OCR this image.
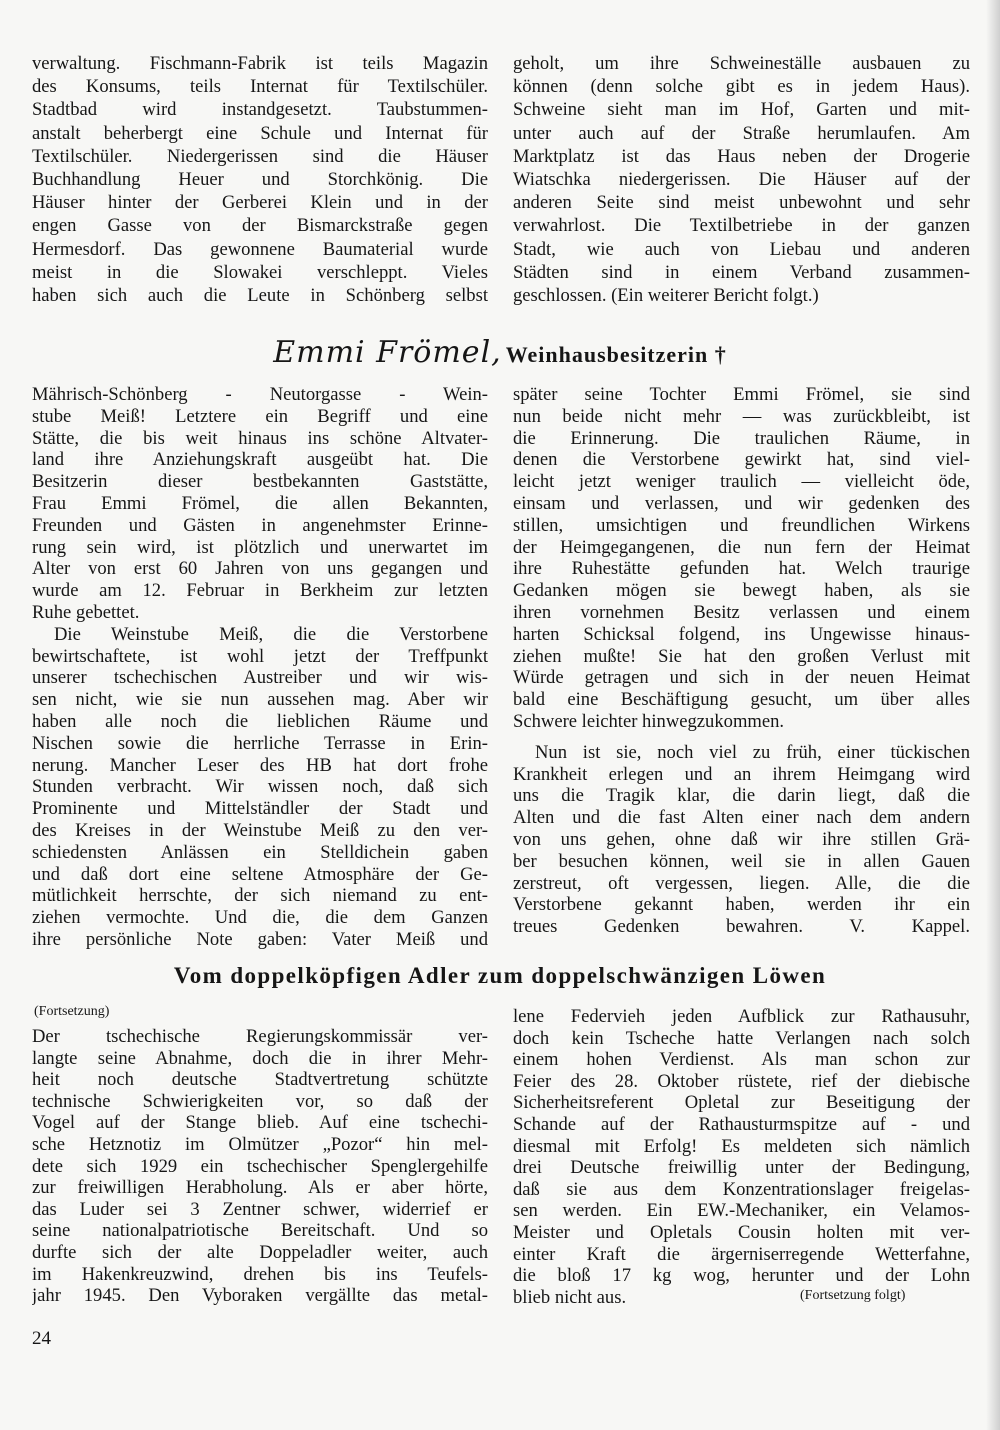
verwaltung. Fischmann-Fabrik ist teils Magazin
des Konsums, teils Internat für Textilschüler.
Stadtbad wird instandgesetzt. Taubstummen-
anstalt beherbergt eine Schule und Internat für
Textilschüler. Niedergerissen sind die Häuser
Buchhandlung Heuer und Storchkönig. Die
Häuser hinter der Gerberei Klein und in der
engen Gasse von der Bismarckstraße gegen
Hermesdorf. Das gewonnene Baumaterial wurde
meist in die Slowakei verschleppt. Vieles
haben sich auch die Leute in Schönberg selbst
geholt, um ihre Schweineställe ausbauen zu
können (denn solche gibt es in jedem Haus).
Schweine sieht man im Hof, Garten und mit-
unter auch auf der Straße herumlaufen. Am
Marktplatz ist das Haus neben der Drogerie
Wiatschka niedergerissen. Die Häuser auf der
anderen Seite sind meist unbewohnt und sehr
verwahrlost. Die Textilbetriebe in der ganzen
Stadt, wie auch von Liebau und anderen
Städten sind in einem Verband zusammen-
geschlossen. (Ein weiterer Bericht folgt.)
Emmi Frömel, Weinhausbesitzerin †
Mährisch-Schönberg - Neutorgasse - Wein-
stube Meiß! Letztere ein Begriff und eine
Stätte, die bis weit hinaus ins schöne Altvater-
land ihre Anziehungskraft ausgeübt hat. Die
Besitzerin dieser bestbekannten Gaststätte,
Frau Emmi Frömel, die allen Bekannten,
Freunden und Gästen in angenehmster Erinne-
rung sein wird, ist plötzlich und unerwartet im
Alter von erst 60 Jahren von uns gegangen und
wurde am 12. Februar in Berkheim zur letzten
Ruhe gebettet.
Die Weinstube Meiß, die die Verstorbene
bewirtschaftete, ist wohl jetzt der Treffpunkt
unserer tschechischen Austreiber und wir wis-
sen nicht, wie sie nun aussehen mag. Aber wir
haben alle noch die lieblichen Räume und
Nischen sowie die herrliche Terrasse in Erin-
nerung. Mancher Leser des HB hat dort frohe
Stunden verbracht. Wir wissen noch, daß sich
Prominente und Mittelständler der Stadt und
des Kreises in der Weinstube Meiß zu den ver-
schiedensten Anlässen ein Stelldichein gaben
und daß dort eine seltene Atmosphäre der Ge-
mütlichkeit herrschte, der sich niemand zu ent-
ziehen vermochte. Und die, die dem Ganzen
ihre persönliche Note gaben: Vater Meiß und
später seine Tochter Emmi Frömel, sie sind
nun beide nicht mehr — was zurückbleibt, ist
die Erinnerung. Die traulichen Räume, in
denen die Verstorbene gewirkt hat, sind viel-
leicht jetzt weniger traulich — vielleicht öde,
einsam und verlassen, und wir gedenken des
stillen, umsichtigen und freundlichen Wirkens
der Heimgegangenen, die nun fern der Heimat
ihre Ruhestätte gefunden hat. Welch traurige
Gedanken mögen sie bewegt haben, als sie
ihren vornehmen Besitz verlassen und einem
harten Schicksal folgend, ins Ungewisse hinaus-
ziehen mußte! Sie hat den großen Verlust mit
Würde getragen und sich in der neuen Heimat
bald eine Beschäftigung gesucht, um über alles
Schwere leichter hinwegzukommen.
Nun ist sie, noch viel zu früh, einer tückischen
Krankheit erlegen und an ihrem Heimgang wird
uns die Tragik klar, die darin liegt, daß die
Alten und die fast Alten einer nach dem andern
von uns gehen, ohne daß wir ihre stillen Grä-
ber besuchen können, weil sie in allen Gauen
zerstreut, oft vergessen, liegen. Alle, die die
Verstorbene gekannt haben, werden ihr ein
treues Gedenken bewahren. V. Kappel.
Vom doppelköpfigen Adler zum doppelschwänzigen Löwen
(Fortsetzung)
Der tschechische Regierungskommissär ver-
langte seine Abnahme, doch die in ihrer Mehr-
heit noch deutsche Stadtvertretung schützte
technische Schwierigkeiten vor, so daß der
Vogel auf der Stange blieb. Auf eine tschechi-
sche Hetznotiz im Olmützer „Pozor“ hin mel-
dete sich 1929 ein tschechischer Spenglergehilfe
zur freiwilligen Herabholung. Als er aber hörte,
das Luder sei 3 Zentner schwer, widerrief er
seine nationalpatriotische Bereitschaft. Und so
durfte sich der alte Doppeladler weiter, auch
im Hakenkreuzwind, drehen bis ins Teufels-
jahr 1945. Den Vyboraken vergällte das metal-
lene Federvieh jeden Aufblick zur Rathausuhr,
doch kein Tscheche hatte Verlangen nach solch
einem hohen Verdienst. Als man schon zur
Feier des 28. Oktober rüstete, rief der diebische
Sicherheitsreferent Opletal zur Beseitigung der
Schande auf der Rathausturmspitze auf - und
diesmal mit Erfolg! Es meldeten sich nämlich
drei Deutsche freiwillig unter der Bedingung,
daß sie aus dem Konzentrationslager freigelas-
sen werden. Ein EW.-Mechaniker, ein Velamos-
Meister und Opletals Cousin holten mit ver-
einter Kraft die ärgerniserregende Wetterfahne,
die bloß 17 kg wog, herunter und der Lohn
blieb nicht aus.	(Fortsetzung folgt)
24
